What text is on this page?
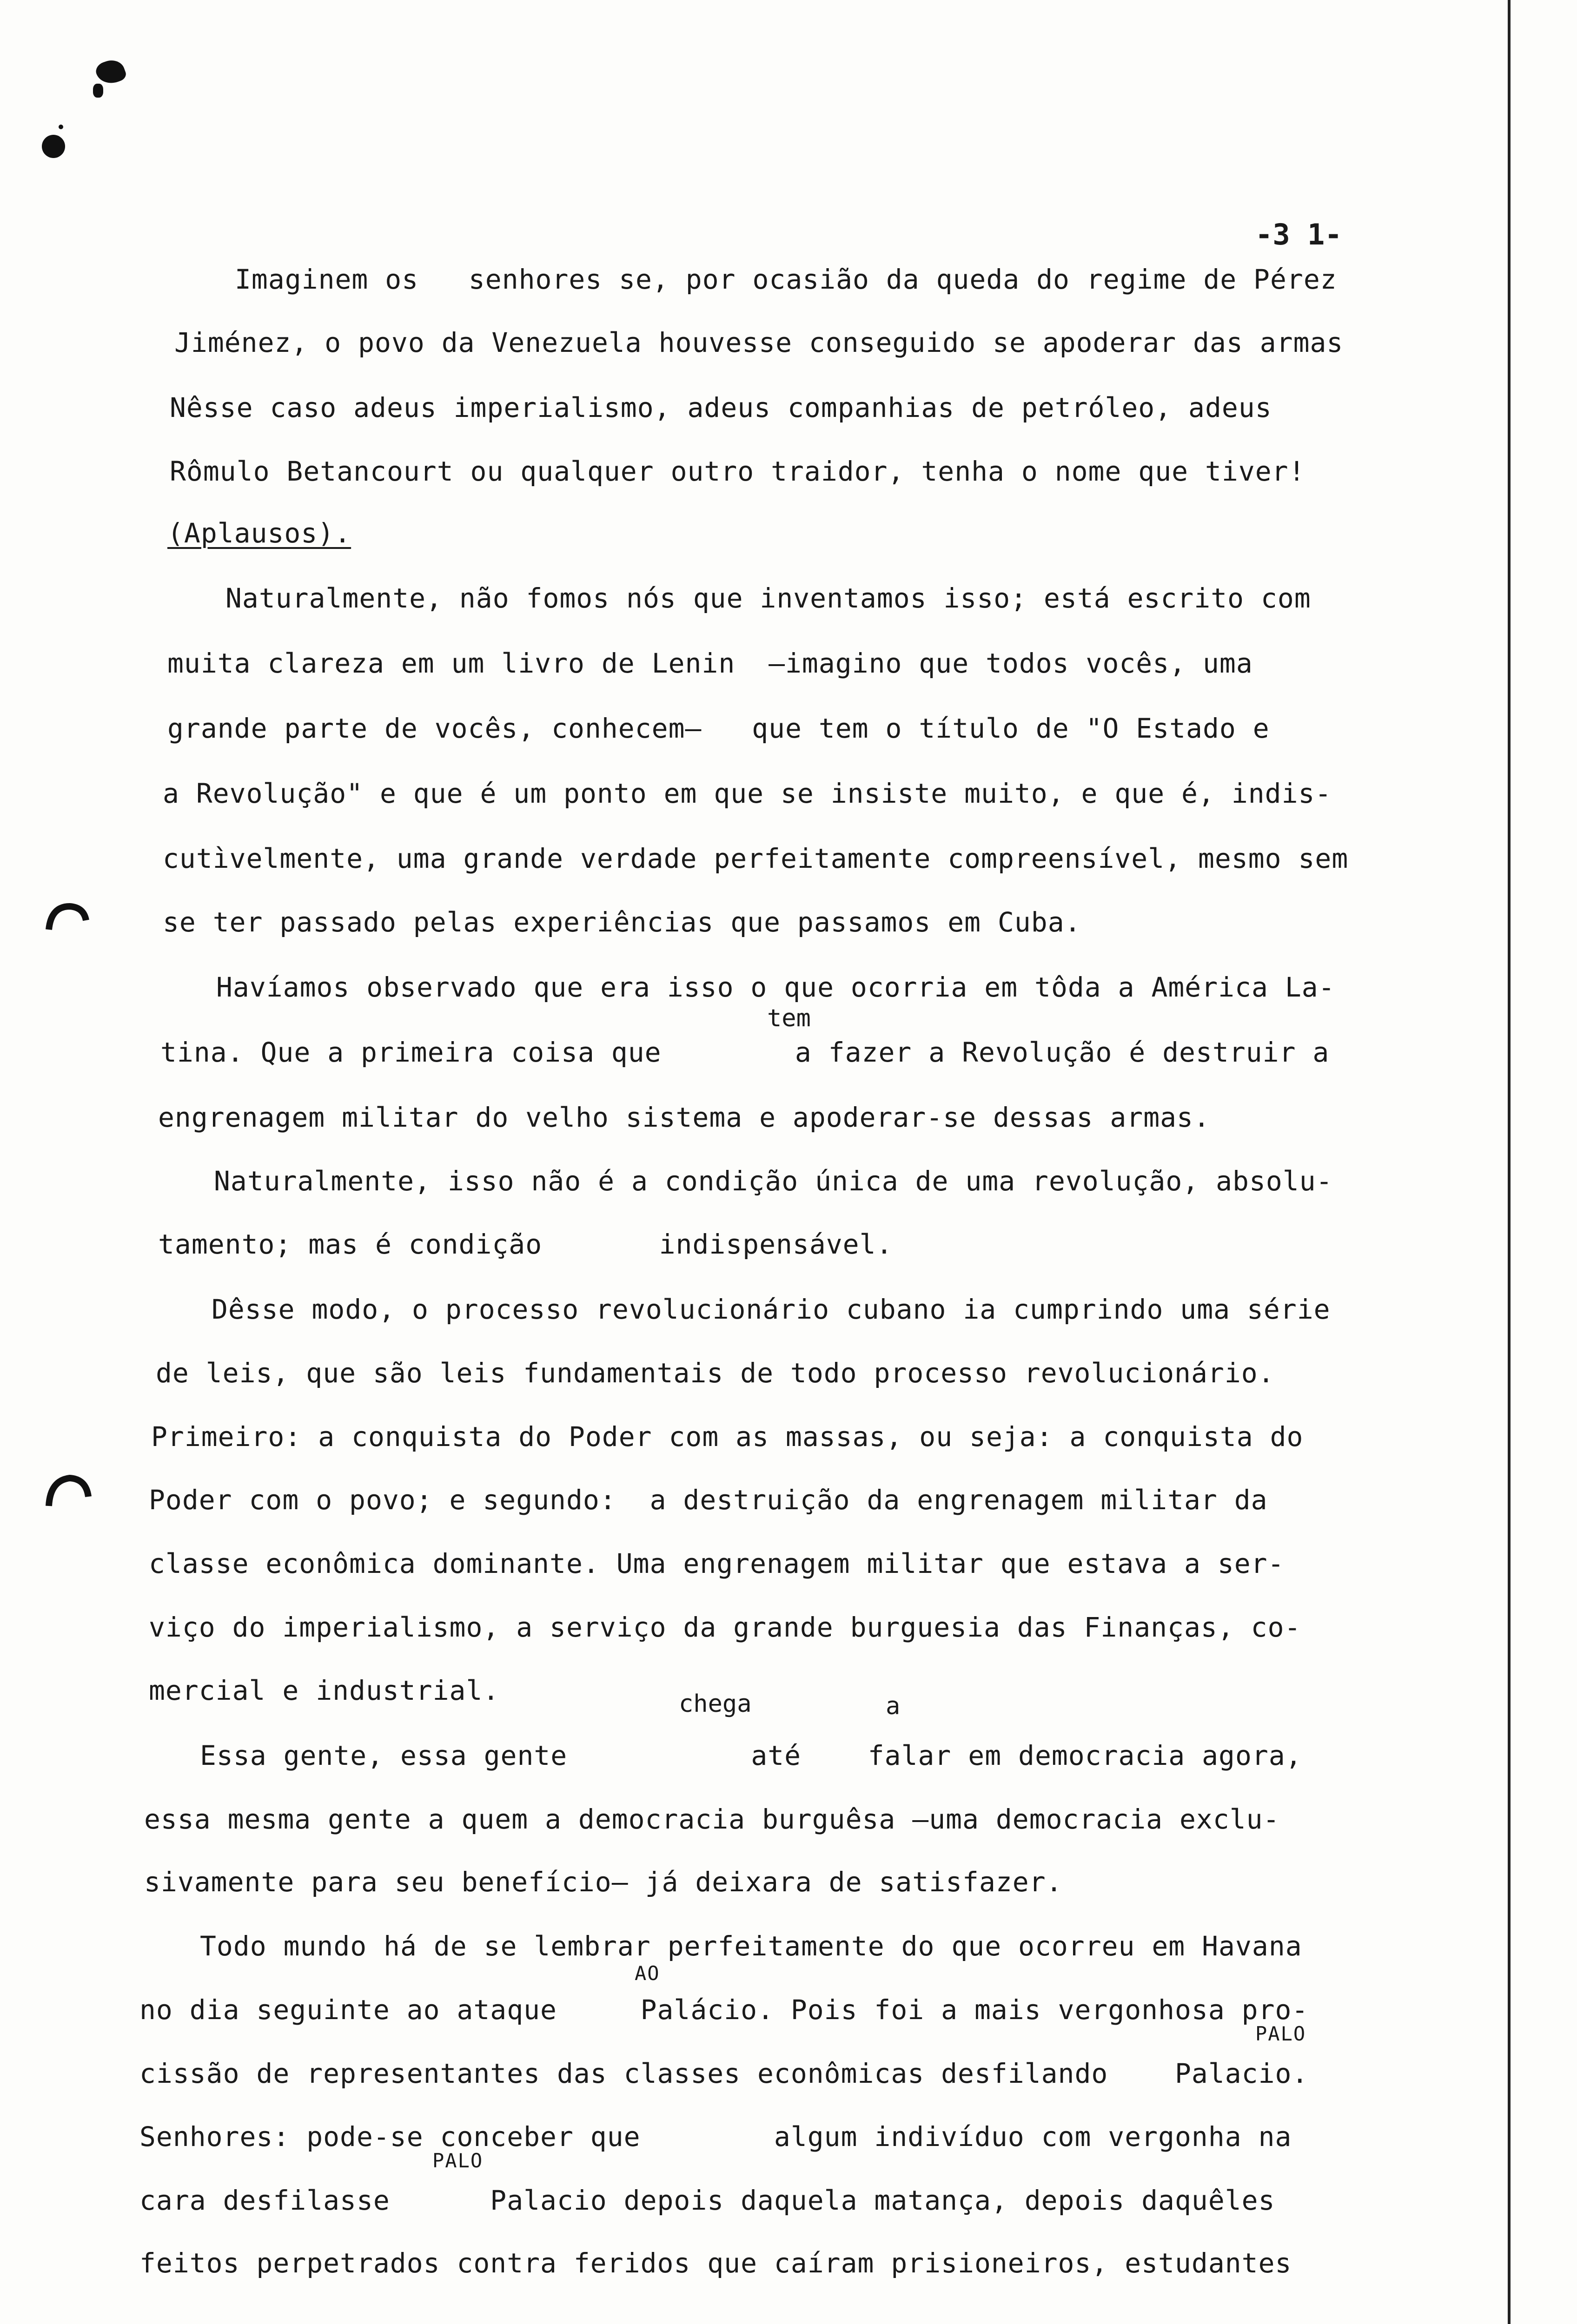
-3 1-
Imaginem os   senhores se, por ocasião da queda do regime de Pérez
Jiménez, o povo da Venezuela houvesse conseguido se apoderar das armas
Nêsse caso adeus imperialismo, adeus companhias de petróleo, adeus
Rômulo Betancourt ou qualquer outro traidor, tenha o nome que tiver!
(Aplausos).
Naturalmente, não fomos nós que inventamos isso; está escrito com
muita clareza em um livro de Lenin  —imagino que todos vocês, uma
grande parte de vocês, conhecem—   que tem o título de "O Estado e
a Revolução" e que é um ponto em que se insiste muito, e que é, indis-
cutìvelmente, uma grande verdade perfeitamente compreensível, mesmo sem
se ter passado pelas experiências que passamos em Cuba.
Havíamos observado que era isso o que ocorria em tôda a América La-
tem
tina. Que a primeira coisa que        a fazer a Revolução é destruir a
engrenagem militar do velho sistema e apoderar-se dessas armas.
Naturalmente, isso não é a condição única de uma revolução, absolu-
tamento; mas é condição       indispensável.
Dêsse modo, o processo revolucionário cubano ia cumprindo uma série
de leis, que são leis fundamentais de todo processo revolucionário.
Primeiro: a conquista do Poder com as massas, ou seja: a conquista do
Poder com o povo; e segundo:  a destruição da engrenagem militar da
classe econômica dominante. Uma engrenagem militar que estava a ser-
viço do imperialismo, a serviço da grande burguesia das Finanças, co-
mercial e industrial.	chega	a
Essa gente, essa gente           até    falar em democracia agora,
essa mesma gente a quem a democracia burguêsa —uma democracia exclu-
sivamente para seu benefício— já deixara de satisfazer.
Todo mundo há de se lembrar perfeitamente do que ocorreu em Havana
AO
no dia seguinte ao ataque     Palácio. Pois foi a mais vergonhosa pro-
PALO
cissão de representantes das classes econômicas desfilando    Palacio.
Senhores: pode-se conceber que        algum indivíduo com vergonha na
PALO
cara desfilasse      Palacio depois daquela matança, depois daquêles
feitos perpetrados contra feridos que caíram prisioneiros, estudantes
